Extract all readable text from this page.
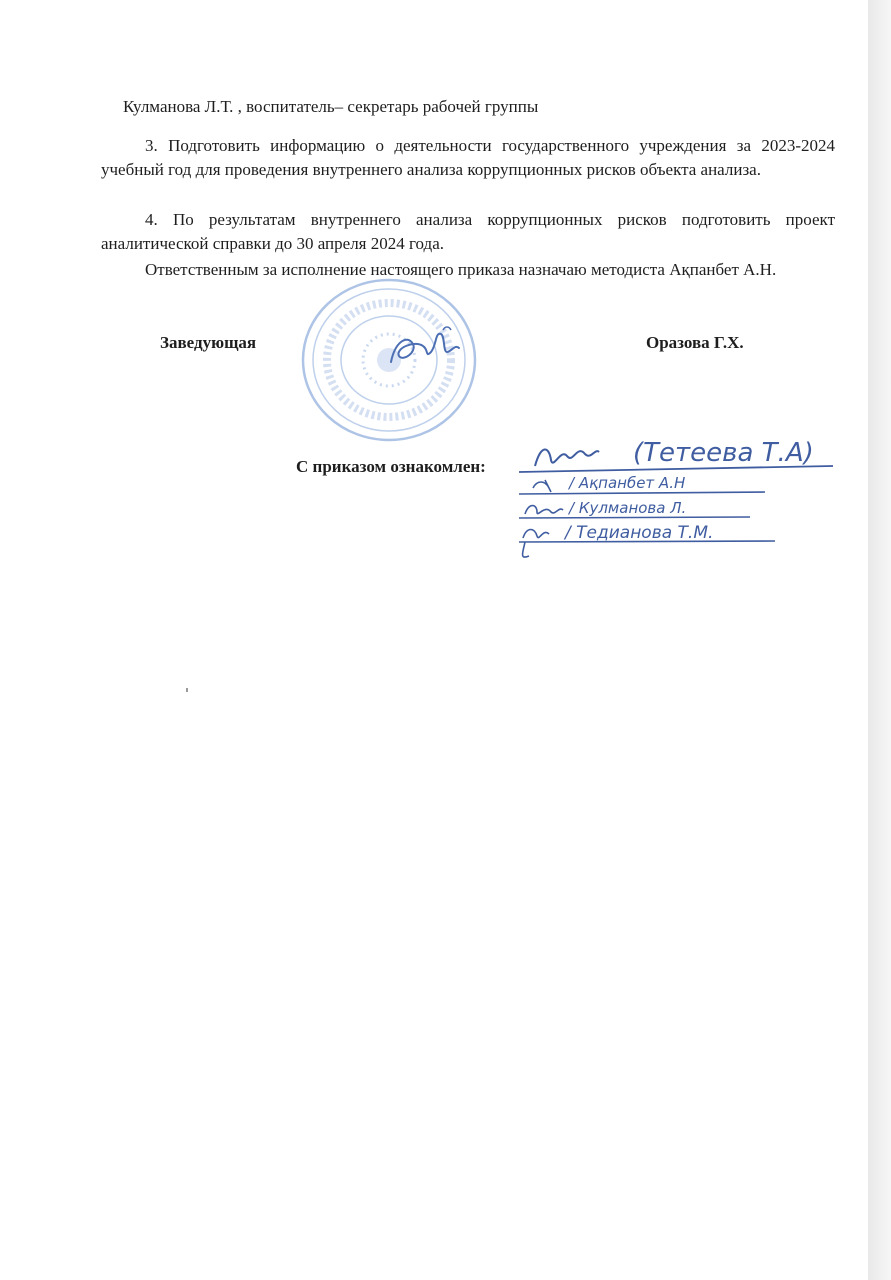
Кулманова Л.Т. , воспитатель– секретарь рабочей группы
3. Подготовить информацию о деятельности государственного учреждения за 2023-2024 учебный год для проведения внутреннего анализа коррупционных рисков объекта анализа.
4. По результатам внутреннего анализа коррупционных рисков подготовить проект аналитической справки до 30 апреля 2024 года.
Ответственным за исполнение настоящего приказа назначаю методиста Ақпанбет А.Н.
Заведующая	Оразова Г.Х.
С приказом ознакомлен:	(Тетеева Т.А)
/ Ақпанбет А.Н
/ Кулманова Л.
/ Тедианова Т.М.
